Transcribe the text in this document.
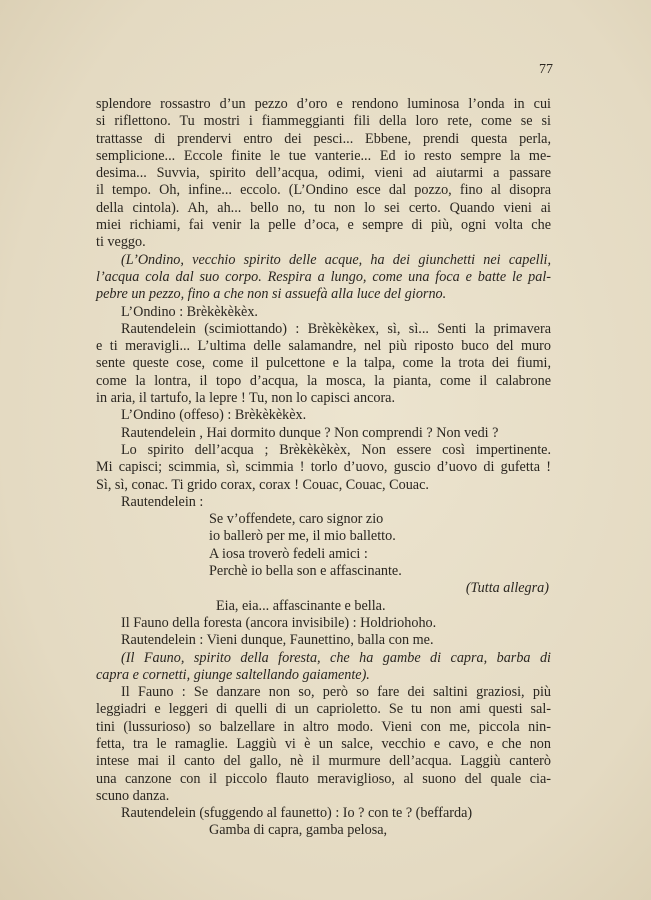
77
splendore rossastro d’un pezzo d’oro e rendono luminosa l’onda in cui
si riflettono. Tu mostri i fiammeggianti fili della loro rete, come se si
trattasse di prendervi entro dei pesci... Ebbene, prendi questa perla,
semplicione... Eccole finite le tue vanterie... Ed io resto sempre la me-
desima... Suvvia, spirito dell’acqua, odimi, vieni ad aiutarmi a passare
il tempo. Oh, infine... eccolo. (L’Ondino esce dal pozzo, fino al disopra
della cintola). Ah, ah... bello no, tu non lo sei certo. Quando vieni ai
miei richiami, fai venir la pelle d’oca, e sempre di più, ogni volta che
ti veggo.
(L’Ondino, vecchio spirito delle acque, ha dei giunchetti nei capelli,
l’acqua cola dal suo corpo. Respira a lungo, come una foca e batte le pal-
pebre un pezzo, fino a che non si assuefà alla luce del giorno.
L’Ondino : Brèkèkèkèx.
Rautendelein (scimiottando) : Brèkèkèkex, sì, sì... Senti la primavera
e ti meravigli... L’ultima delle salamandre, nel più riposto buco del muro
sente queste cose, come il pulcettone e la talpa, come la trota dei fiumi,
come la lontra, il topo d’acqua, la mosca, la pianta, come il calabrone
in aria, il tartufo, la lepre ! Tu, non lo capisci ancora.
L’Ondino (offeso) : Brèkèkèkèx.
Rautendelein , Hai dormito dunque ? Non comprendi ? Non vedi ?
Lo spirito dell’acqua ; Brèkèkèkèx, Non essere così impertinente.
Mi capisci; scimmia, sì, scimmia ! torlo d’uovo, guscio d’uovo di gufetta !
Sì, sì, conac. Ti grido corax, corax ! Couac, Couac, Couac.
Rautendelein :
Se v’offendete, caro signor zio
io ballerò per me, il mio balletto.
A iosa troverò fedeli amici :
Perchè io bella son e affascinante.
(Tutta allegra)
Eia, eia... affascinante e bella.
Il Fauno della foresta (ancora invisibile) : Holdriohoho.
Rautendelein : Vieni dunque, Faunettino, balla con me.
(Il Fauno, spirito della foresta, che ha gambe di capra, barba di
capra e cornetti, giunge saltellando gaiamente).
Il Fauno : Se danzare non so, però so fare dei saltini graziosi, più
leggiadri e leggeri di quelli di un caprioletto. Se tu non ami questi sal-
tini (lussurioso) so balzellare in altro modo. Vieni con me, piccola nin-
fetta, tra le ramaglie. Laggiù vi è un salce, vecchio e cavo, e che non
intese mai il canto del gallo, nè il murmure dell’acqua. Laggiù canterò
una canzone con il piccolo flauto meraviglioso, al suono del quale cia-
scuno danza.
Rautendelein (sfuggendo al faunetto) : Io ? con te ? (beffarda)
Gamba di capra, gamba pelosa,
